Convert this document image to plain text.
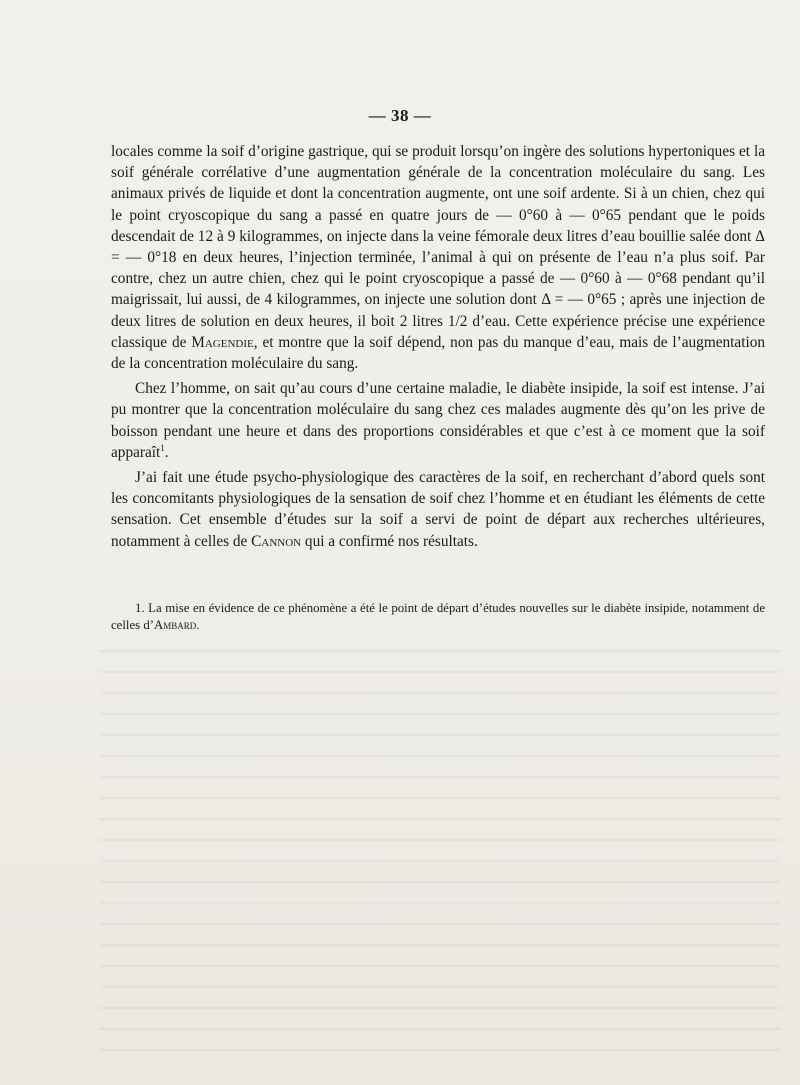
— 38 —

locales comme la soif d’origine gastrique, qui se produit lorsqu’on ingère des solutions hypertoniques et la soif générale corrélative d’une augmentation générale de la concentration moléculaire du sang. Les animaux privés de liquide et dont la concentration augmente, ont une soif ardente. Si à un chien, chez qui le point cryoscopique du sang a passé en quatre jours de — 0°60 à — 0°65 pendant que le poids descendait de 12 à 9 kilogrammes, on injecte dans la veine fémorale deux litres d’eau bouillie salée dont Δ = — 0°18 en deux heures, l’injection terminée, l’animal à qui on présente de l’eau n’a plus soif. Par contre, chez un autre chien, chez qui le point cryoscopique a passé de — 0°60 à — 0°68 pendant qu’il maigrissait, lui aussi, de 4 kilogrammes, on injecte une solution dont Δ = — 0°65 ; après une injection de deux litres de solution en deux heures, il boit 2 litres 1/2 d’eau. Cette expérience précise une expérience classique de Magendie, et montre que la soif dépend, non pas du manque d’eau, mais de l’augmentation de la concentration moléculaire du sang.

Chez l’homme, on sait qu’au cours d’une certaine maladie, le diabète insipide, la soif est intense. J’ai pu montrer que la concentration moléculaire du sang chez ces malades augmente dès qu’on les prive de boisson pendant une heure et dans des proportions considérables et que c’est à ce moment que la soif apparaît$^1$.

J’ai fait une étude psycho-physiologique des caractères de la soif, en recherchant d’abord quels sont les concomitants physiologiques de la sensation de soif chez l’homme et en étudiant les éléments de cette sensation. Cet ensemble d’études sur la soif a servi de point de départ aux recherches ultérieures, notamment à celles de Cannon qui a confirmé nos résultats.

1. La mise en évidence de ce phénomène a été le point de départ d’études nouvelles sur le diabète insipide, notamment de celles d’Ambard.
